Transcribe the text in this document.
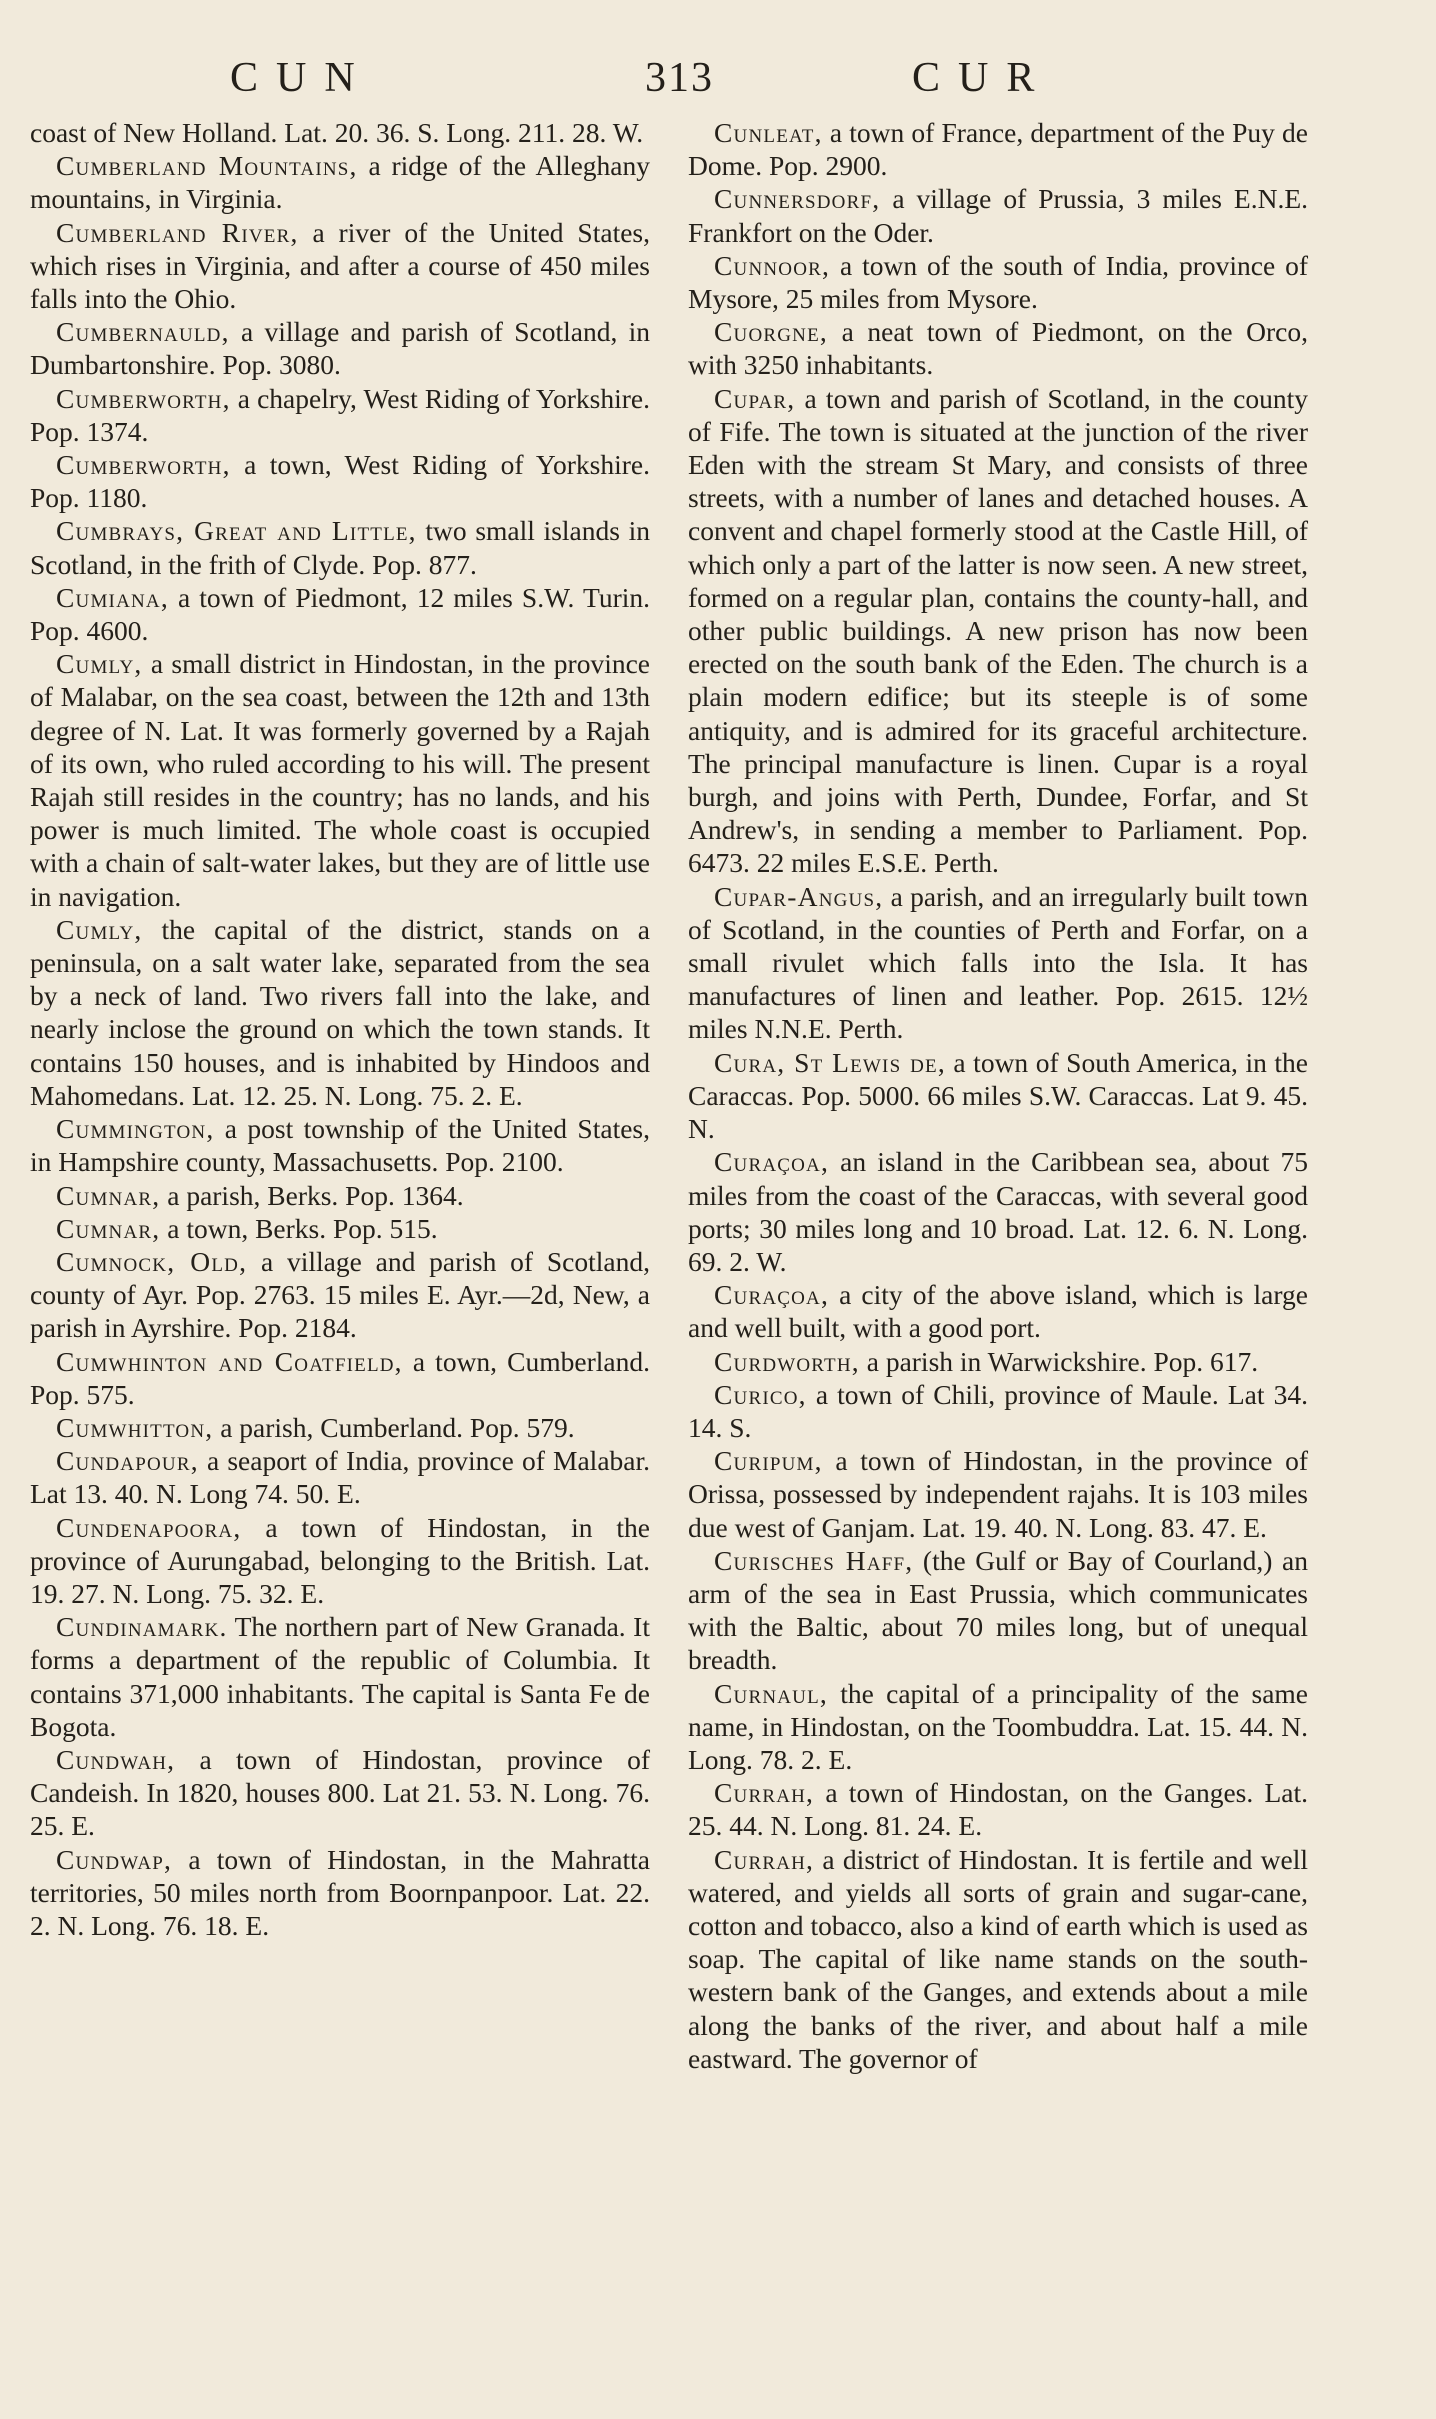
CUN	313	CUR

coast of New Holland. Lat. 20. 36. S. Long. 211. 28. W.

Cumberland Mountains, a ridge of the Alleghany mountains, in Virginia.

Cumberland River, a river of the United States, which rises in Virginia, and after a course of 450 miles falls into the Ohio.

Cumbernauld, a village and parish of Scotland, in Dumbartonshire. Pop. 3080.

Cumberworth, a chapelry, West Riding of Yorkshire. Pop. 1374.

Cumberworth, a town, West Riding of Yorkshire. Pop. 1180.

Cumbrays, Great and Little, two small islands in Scotland, in the frith of Clyde. Pop. 877.

Cumiana, a town of Piedmont, 12 miles S.W. Turin. Pop. 4600.

Cumly, a small district in Hindostan, in the province of Malabar, on the sea coast, between the 12th and 13th degree of N. Lat. It was formerly governed by a Rajah of its own, who ruled according to his will. The present Rajah still resides in the country; has no lands, and his power is much limited. The whole coast is occupied with a chain of salt-water lakes, but they are of little use in navigation.

Cumly, the capital of the district, stands on a peninsula, on a salt water lake, separated from the sea by a neck of land. Two rivers fall into the lake, and nearly inclose the ground on which the town stands. It contains 150 houses, and is inhabited by Hindoos and Mahomedans. Lat. 12. 25. N. Long. 75. 2. E.

Cummington, a post township of the United States, in Hampshire county, Massachusetts. Pop. 2100.

Cumnar, a parish, Berks. Pop. 1364.

Cumnar, a town, Berks. Pop. 515.

Cumnock, Old, a village and parish of Scotland, county of Ayr. Pop. 2763. 15 miles E. Ayr.—2d, New, a parish in Ayrshire. Pop. 2184.

Cumwhinton and Coatfield, a town, Cumberland. Pop. 575.

Cumwhitton, a parish, Cumberland. Pop. 579.

Cundapour, a seaport of India, province of Malabar. Lat 13. 40. N. Long 74. 50. E.

Cundenapoora, a town of Hindostan, in the province of Aurungabad, belonging to the British. Lat. 19. 27. N. Long. 75. 32. E.

Cundinamark. The northern part of New Granada. It forms a department of the republic of Columbia. It contains 371,000 inhabitants. The capital is Santa Fe de Bogota.

Cundwah, a town of Hindostan, province of Candeish. In 1820, houses 800. Lat 21. 53. N. Long. 76. 25. E.

Cundwap, a town of Hindostan, in the Mahratta territories, 50 miles north from Boornpanpoor. Lat. 22. 2. N. Long. 76. 18. E.

Cunleat, a town of France, department of the Puy de Dome. Pop. 2900.

Cunnersdorf, a village of Prussia, 3 miles E.N.E. Frankfort on the Oder.

Cunnoor, a town of the south of India, province of Mysore, 25 miles from Mysore.

Cuorgne, a neat town of Piedmont, on the Orco, with 3250 inhabitants.

Cupar, a town and parish of Scotland, in the county of Fife. The town is situated at the junction of the river Eden with the stream St Mary, and consists of three streets, with a number of lanes and detached houses. A convent and chapel formerly stood at the Castle Hill, of which only a part of the latter is now seen. A new street, formed on a regular plan, contains the county-hall, and other public buildings. A new prison has now been erected on the south bank of the Eden. The church is a plain modern edifice; but its steeple is of some antiquity, and is admired for its graceful architecture. The principal manufacture is linen. Cupar is a royal burgh, and joins with Perth, Dundee, Forfar, and St Andrew's, in sending a member to Parliament. Pop. 6473. 22 miles E.S.E. Perth.

Cupar-Angus, a parish, and an irregularly built town of Scotland, in the counties of Perth and Forfar, on a small rivulet which falls into the Isla. It has manufactures of linen and leather. Pop. 2615. 12½ miles N.N.E. Perth.

Cura, St Lewis de, a town of South America, in the Caraccas. Pop. 5000. 66 miles S.W. Caraccas. Lat 9. 45. N.

Curaçoa, an island in the Caribbean sea, about 75 miles from the coast of the Caraccas, with several good ports; 30 miles long and 10 broad. Lat. 12. 6. N. Long. 69. 2. W.

Curaçoa, a city of the above island, which is large and well built, with a good port.

Curdworth, a parish in Warwickshire. Pop. 617.

Curico, a town of Chili, province of Maule. Lat 34. 14. S.

Curipum, a town of Hindostan, in the province of Orissa, possessed by independent rajahs. It is 103 miles due west of Ganjam. Lat. 19. 40. N. Long. 83. 47. E.

Curisches Haff, (the Gulf or Bay of Courland,) an arm of the sea in East Prussia, which communicates with the Baltic, about 70 miles long, but of unequal breadth.

Curnaul, the capital of a principality of the same name, in Hindostan, on the Toombuddra. Lat. 15. 44. N. Long. 78. 2. E.

Currah, a town of Hindostan, on the Ganges. Lat. 25. 44. N. Long. 81. 24. E.

Currah, a district of Hindostan. It is fertile and well watered, and yields all sorts of grain and sugar-cane, cotton and tobacco, also a kind of earth which is used as soap. The capital of like name stands on the south-western bank of the Ganges, and extends about a mile along the banks of the river, and about half a mile eastward. The governor of
